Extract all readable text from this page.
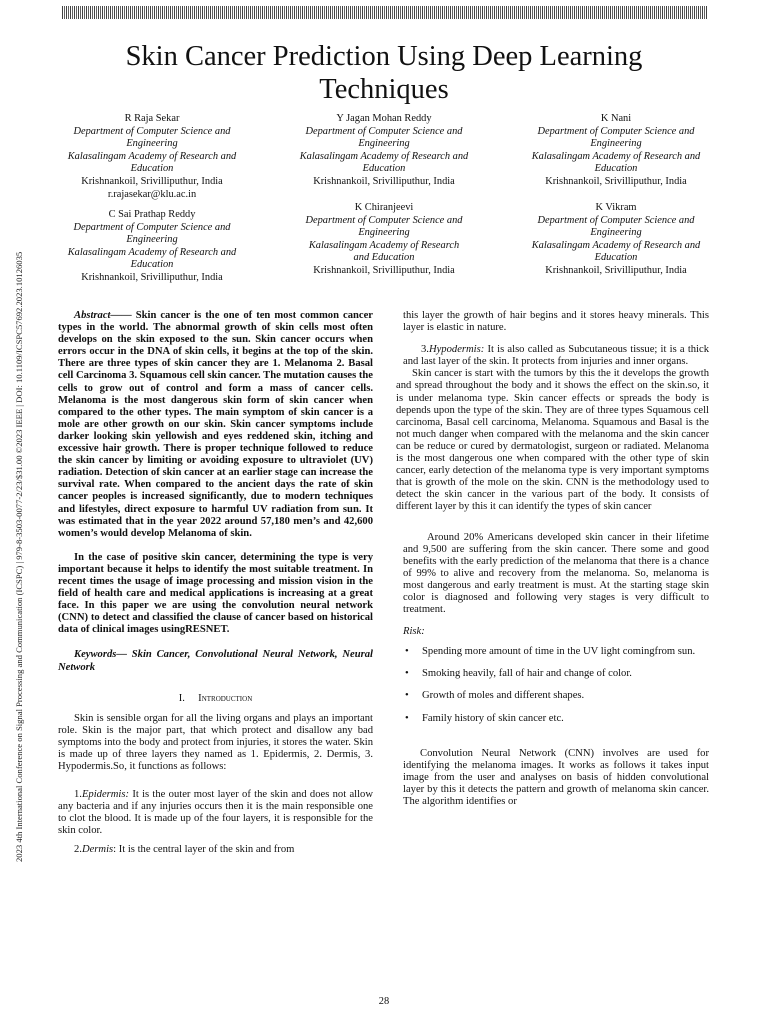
2023 4th International Conference on Signal Processing and Communication (ICSPC) | 979-8-3503-0077-2/23/$31.00 ©2023 IEEE | DOI: 10.1109/ICSPC57692.2023.10126035
Skin Cancer Prediction Using Deep Learning Techniques
R Raja Sekar
Department of Computer Science and Engineering
Kalasalingam Academy of Research and Education
Krishnankoil, Srivilliputhur, India
r.rajasekar@klu.ac.in
Y Jagan Mohan Reddy
Department of Computer Science and Engineering
Kalasalingam Academy of Research and Education
Krishnankoil, Srivilliputhur, India
K Nani
Department of Computer Science and Engineering
Kalasalingam Academy of Research and Education
Krishnankoil, Srivilliputhur, India
C Sai Prathap Reddy
Department of Computer Science and Engineering
Kalasalingam Academy of Research and Education
Krishnankoil, Srivilliputhur, India
K Chiranjeevi
Department of Computer Science and Engineering
Kalasalingam Academy of Research and Education
Krishnankoil, Srivilliputhur, India
K Vikram
Department of Computer Science and Engineering
Kalasalingam Academy of Research and Education
Krishnankoil, Srivilliputhur, India

Abstract—— Skin cancer is the one of ten most common cancer types in the world. The abnormal growth of skin cells most often develops on the skin exposed to the sun. Skin cancer occurs when errors occur in the DNA of skin cells, it begins at the top of the skin. There are three types of skin cancer they are 1. Melanoma 2. Basal cell Carcinoma 3. Squamous cell skin cancer. The mutation causes the cells to grow out of control and form a mass of cancer cells. Melanoma is the most dangerous skin form of skin cancer when compared to the other types. The main symptom of skin cancer is a mole are other growth on our skin. Skin cancer symptoms include darker looking skin yellowish and eyes reddened skin, itching and excessive hair growth. There is proper technique followed to reduce the skin cancer by limiting or avoiding exposure to ultraviolet (UV) radiation. Detection of skin cancer at an earlier stage can increase the survival rate. When compared to the ancient days the rate of skin cancer peoples is increased significantly, due to modern techniques and lifestyles, direct exposure to harmful UV radiation from sun. It was estimated that in the year 2022 around 57,180 men’s and 42,600 women’s would develop Melanoma of skin.

In the case of positive skin cancer, determining the type is very important because it helps to identify the most suitable treatment. In recent times the usage of image processing and mission vision in the field of health care and medical applications is increasing at a great face. In this paper we are using the convolution neural network (CNN) to detect and classified the clause of cancer based on historical data of clinical images usingRESNET.

Keywords— Skin Cancer, Convolutional Neural Network, Neural Network

I. Introduction

Skin is sensible organ for all the living organs and plays an important role. Skin is the major part, that which protect and disallow any bad symptoms into the body and protect from injuries, it stores the water. Skin is made up of three layers they named as 1. Epidermis, 2. Dermis, 3. Hypodermis.So, it functions as follows:

1.Epidermis: It is the outer most layer of the skin and does not allow any bacteria and if any injuries occurs then it is the main responsible one to clot the blood. It is made up of the four layers, it is responsible for the skin color.

2.Dermis: It is the central layer of the skin and from

this layer the growth of hair begins and it stores heavy minerals. This layer is elastic in nature.

3.Hypodermis: It is also called as Subcutaneous tissue; it is a thick and last layer of the skin. It protects from injuries and inner organs.

Skin cancer is start with the tumors by this the it develops the growth and spread throughout the body and it shows the effect on the skin.so, it is under melanoma type. Skin cancer effects or spreads the body is depends upon the type of the skin. They are of three types Squamous cell carcinoma, Basal cell carcinoma, Melanoma. Squamous and Basal is the not much danger when compared with the melanoma and the skin cancer can be reduce or cured by dermatologist, surgeon or radiated. Melanoma is the most dangerous one when compared with the other type of skin cancer, early detection of the melanoma type is very important symptoms that is growth of the mole on the skin. CNN is the methodology used to detect the skin cancer in the various part of the body. It consists of different layer by this it can identify the types of skin cancer

Around 20% Americans developed skin cancer in their lifetime and 9,500 are suffering from the skin cancer. There some and good benefits with the early prediction of the melanoma that there is a chance of 99% to alive and recovery from the melanoma. So, melanoma is most dangerous and early treatment is must. At the starting stage skin color is diagnosed and following very stages is very difficult to treatment.

Risk:

• Spending more amount of time in the UV light comingfrom sun.
• Smoking heavily, fall of hair and change of color.
• Growth of moles and different shapes.
• Family history of skin cancer etc.

Convolution Neural Network (CNN) involves are used for identifying the melanoma images. It works as follows it takes input image from the user and analyses on basis of hidden convolutional layer by this it detects the pattern and growth of melanoma skin cancer. The algorithm identifies or

28
